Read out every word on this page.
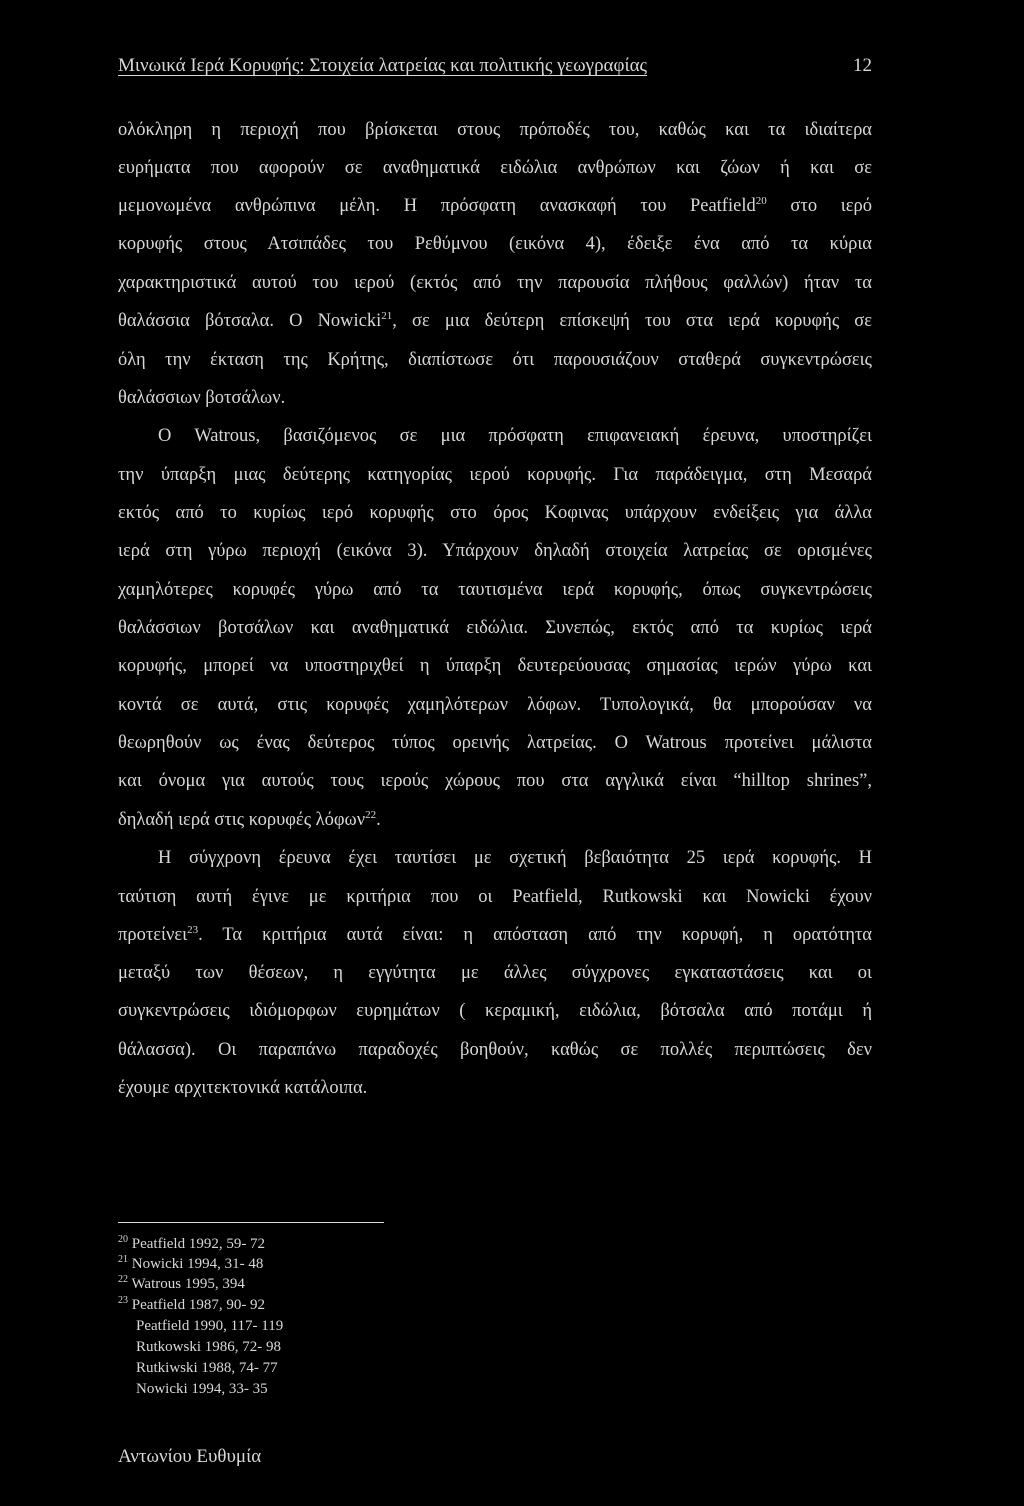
Μινωικά Ιερά Κορυφής: Στοιχεία λατρείας και πολιτικής γεωγραφίας	12
ολόκληρη η περιοχή που βρίσκεται στους πρόποδές του, καθώς και τα ιδιαίτερα
ευρήματα που αφορούν σε αναθηματικά ειδώλια ανθρώπων και ζώων ή και σε
μεμονωμένα ανθρώπινα μέλη. Η πρόσφατη ανασκαφή του Peatfield$^{20}$ στο ιερό
κορυφής στους Ατσιπάδες του Ρεθύμνου (εικόνα 4), έδειξε ένα από τα κύρια
χαρακτηριστικά αυτού του ιερού (εκτός από την παρουσία πλήθους φαλλών) ήταν τα
θαλάσσια βότσαλα. O Nowicki$^{21}$, σε μια δεύτερη επίσκεψή του στα ιερά κορυφής σε
όλη την έκταση της Κρήτης, διαπίστωσε ότι παρουσιάζουν σταθερά συγκεντρώσεις
θαλάσσιων βοτσάλων.
O Watrous, βασιζόμενος σε μια πρόσφατη επιφανειακή έρευνα, υποστηρίζει
την ύπαρξη μιας δεύτερης κατηγορίας ιερού κορυφής. Για παράδειγμα, στη Μεσαρά
εκτός από το κυρίως ιερό κορυφής στο όρος Κοφινας υπάρχουν ενδείξεις για άλλα
ιερά στη γύρω περιοχή (εικόνα 3). Υπάρχουν δηλαδή στοιχεία λατρείας σε ορισμένες
χαμηλότερες κορυφές γύρω από τα ταυτισμένα ιερά κορυφής, όπως συγκεντρώσεις
θαλάσσιων βοτσάλων και αναθηματικά ειδώλια. Συνεπώς, εκτός από τα κυρίως ιερά
κορυφής, μπορεί να υποστηριχθεί η ύπαρξη δευτερεύουσας σημασίας ιερών γύρω και
κοντά σε αυτά, στις κορυφές χαμηλότερων λόφων. Τυπολογικά, θα μπορούσαν να
θεωρηθούν ως ένας δεύτερος τύπος ορεινής λατρείας. O Watrous προτείνει μάλιστα
και όνομα για αυτούς τους ιερούς χώρους που στα αγγλικά είναι “hilltop shrines”,
δηλαδή ιερά στις κορυφές λόφων$^{22}$.
Η σύγχρονη έρευνα έχει ταυτίσει με σχετική βεβαιότητα 25 ιερά κορυφής. Η
ταύτιση αυτή έγινε με κριτήρια που οι Peatfield, Rutkowski και Nowicki έχουν
προτείνει$^{23}$. Τα κριτήρια αυτά είναι: η απόσταση από την κορυφή, η ορατότητα
μεταξύ των θέσεων, η εγγύτητα με άλλες σύγχρονες εγκαταστάσεις και οι
συγκεντρώσεις ιδιόμορφων ευρημάτων ( κεραμική, ειδώλια, βότσαλα από ποτάμι ή
θάλασσα). Οι παραπάνω παραδοχές βοηθούν, καθώς σε πολλές περιπτώσεις δεν
έχουμε αρχιτεκτονικά κατάλοιπα.
$^{20}$ Peatfield 1992, 59- 72
$^{21}$ Nowicki 1994, 31- 48
$^{22}$ Watrous 1995, 394
$^{23}$ Peatfield 1987, 90- 92
Peatfield 1990, 117- 119
Rutkowski 1986, 72- 98
Rutkiwski 1988, 74- 77
Nowicki 1994, 33- 35
Αντωνίου Ευθυμία
